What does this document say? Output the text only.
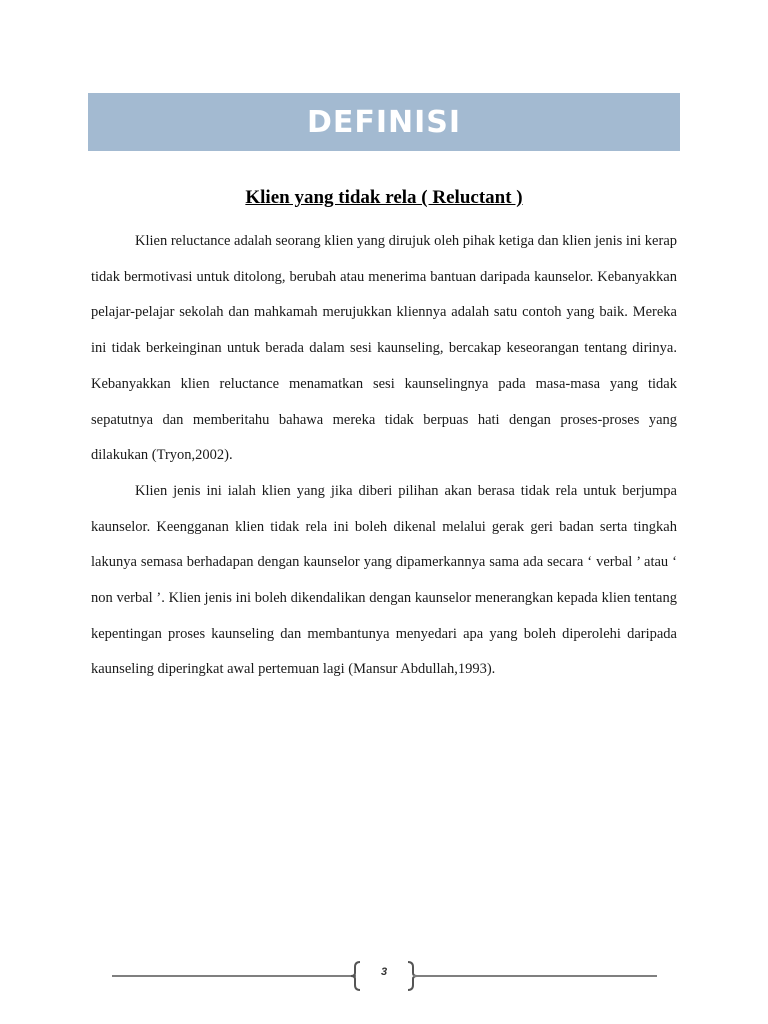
DEFINISI
Klien yang tidak rela ( Reluctant )

Klien reluctance adalah seorang klien yang dirujuk oleh pihak ketiga dan klien jenis ini kerap tidak bermotivasi untuk ditolong, berubah atau menerima bantuan daripada kaunselor. Kebanyakkan pelajar-pelajar sekolah dan mahkamah merujukkan kliennya adalah satu contoh yang baik. Mereka ini tidak berkeinginan untuk berada dalam sesi kaunseling, bercakap keseorangan tentang dirinya. Kebanyakkan klien reluctance menamatkan sesi kaunselingnya pada masa-masa yang tidak sepatutnya dan memberitahu bahawa mereka tidak berpuas hati dengan proses-proses yang dilakukan (Tryon,2002).

Klien jenis ini ialah klien yang jika diberi pilihan akan berasa tidak rela untuk berjumpa kaunselor. Keengganan klien tidak rela ini boleh dikenal melalui gerak geri badan serta tingkah lakunya semasa berhadapan dengan kaunselor yang dipamerkannya sama ada secara ‘ verbal ’ atau ‘ non verbal ’. Klien jenis ini boleh dikendalikan dengan kaunselor menerangkan kepada klien tentang kepentingan proses kaunseling dan membantunya menyedari apa yang boleh diperolehi daripada kaunseling diperingkat awal pertemuan lagi (Mansur Abdullah,1993).

3
